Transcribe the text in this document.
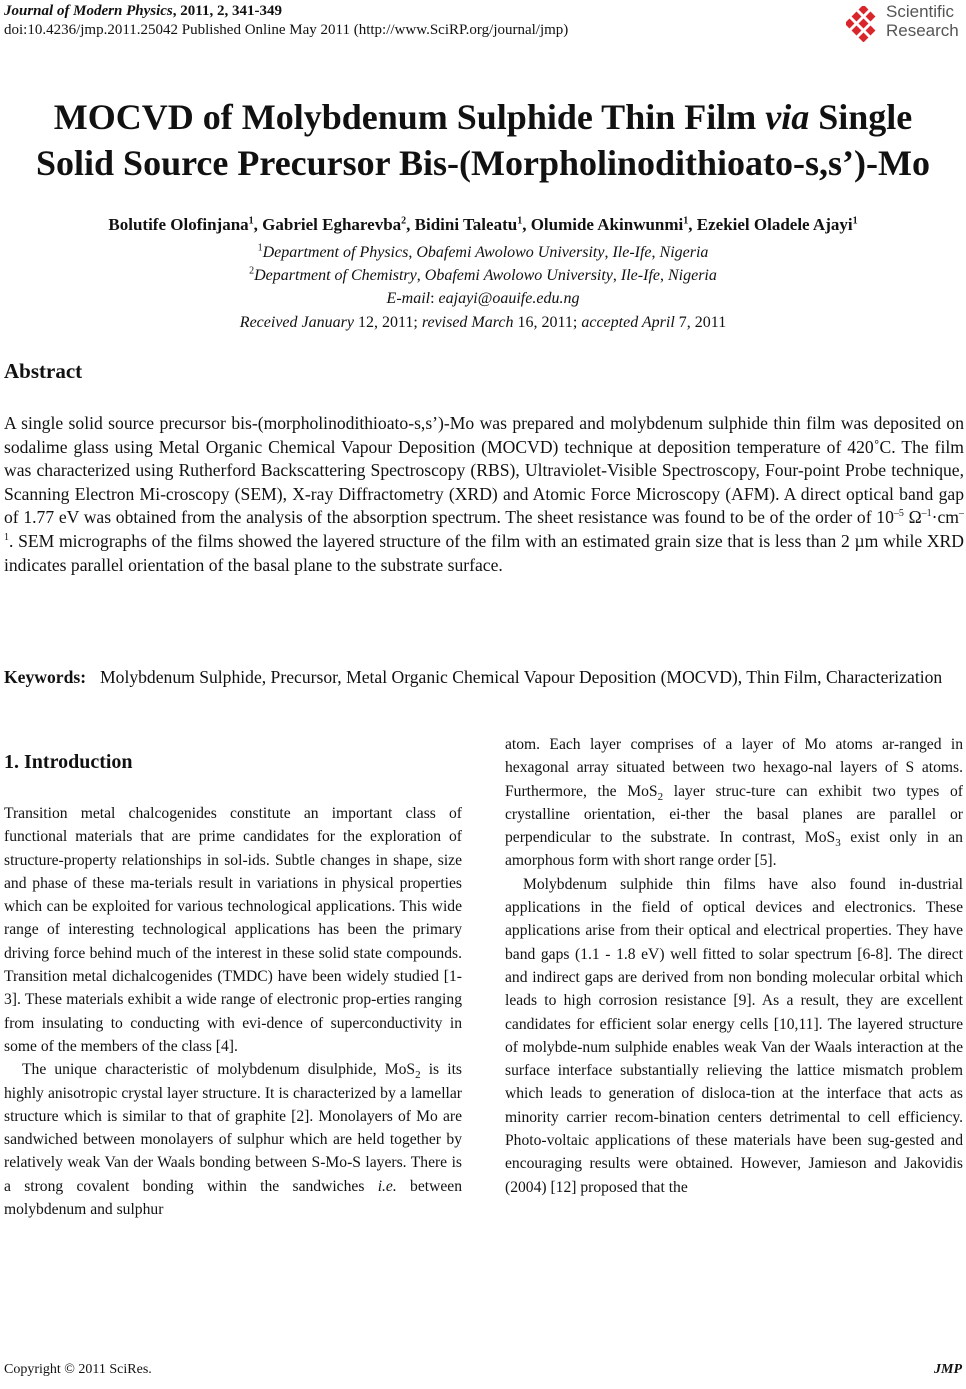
Journal of Modern Physics, 2011, 2, 341-349
doi:10.4236/jmp.2011.25042 Published Online May 2011 (http://www.SciRP.org/journal/jmp)
Scientific
Research
MOCVD of Molybdenum Sulphide Thin Film via Single
Solid Source Precursor Bis-(Morpholinodithioato-s,s’)-Mo
Bolutife Olofinjana$^1$, Gabriel Egharevba$^2$, Bidini Taleatu$^1$, Olumide Akinwunmi$^1$, Ezekiel Oladele Ajayi$^1$
$^1$Department of Physics, Obafemi Awolowo University, Ile-Ife, Nigeria
$^2$Department of Chemistry, Obafemi Awolowo University, Ile-Ife, Nigeria
E-mail: eajayi@oauife.edu.ng
Received January 12, 2011; revised March 16, 2011; accepted April 7, 2011
Abstract
A single solid source precursor bis-(morpholinodithioato-s,s’)-Mo was prepared and molybdenum sulphide thin film was deposited on sodalime glass using Metal Organic Chemical Vapour Deposition (MOCVD) technique at deposition temperature of 420˚C. The film was characterized using Rutherford Backscattering Spectroscopy (RBS), Ultraviolet-Visible Spectroscopy, Four-point Probe technique, Scanning Electron Mi-croscopy (SEM), X-ray Diffractometry (XRD) and Atomic Force Microscopy (AFM). A direct optical band gap of 1.77 eV was obtained from the analysis of the absorption spectrum. The sheet resistance was found to be of the order of $10^{-5}$ $\Omega^{-1}\cdot cm^{-1}$. SEM micrographs of the films showed the layered structure of the film with an estimated grain size that is less than 2 µm while XRD indicates parallel orientation of the basal plane to the substrate surface.
Keywords: Molybdenum Sulphide, Precursor, Metal Organic Chemical Vapour Deposition (MOCVD), Thin Film, Characterization
1. Introduction

Transition metal chalcogenides constitute an important class of functional materials that are prime candidates for the exploration of structure-property relationships in sol-ids. Subtle changes in shape, size and phase of these ma-terials result in variations in physical properties which can be exploited for various technological applications. This wide range of interesting technological applications has been the primary driving force behind much of the interest in these solid state compounds. Transition metal dichalcogenides (TMDC) have been widely studied [1-3]. These materials exhibit a wide range of electronic prop-erties ranging from insulating to conducting with evi-dence of superconductivity in some of the members of the class [4].

The unique characteristic of molybdenum disulphide, MoS$_2$ is its highly anisotropic crystal layer structure. It is characterized by a lamellar structure which is similar to that of graphite [2]. Monolayers of Mo are sandwiched between monolayers of sulphur which are held together by relatively weak Van der Waals bonding between S-Mo-S layers. There is a strong covalent bonding within the sandwiches i.e. between molybdenum and sulphur

atom. Each layer comprises of a layer of Mo atoms ar-ranged in hexagonal array situated between two hexago-nal layers of S atoms. Furthermore, the MoS$_2$ layer struc-ture can exhibit two types of crystalline orientation, ei-ther the basal planes are parallel or perpendicular to the substrate. In contrast, MoS$_3$ exist only in an amorphous form with short range order [5].

Molybdenum sulphide thin films have also found in-dustrial applications in the field of optical devices and electronics. These applications arise from their optical and electrical properties. They have band gaps (1.1 - 1.8 eV) well fitted to solar spectrum [6-8]. The direct and indirect gaps are derived from non bonding molecular orbital which leads to high corrosion resistance [9]. As a result, they are excellent candidates for efficient solar energy cells [10,11]. The layered structure of molybde-num sulphide enables weak Van der Waals interaction at the surface interface substantially relieving the lattice mismatch problem which leads to generation of disloca-tion at the interface that acts as minority carrier recom-bination centers detrimental to cell efficiency. Photo-voltaic applications of these materials have been sug-gested and encouraging results were obtained. However, Jamieson and Jakovidis (2004) [12] proposed that the

Copyright © 2011 SciRes.	JMP
